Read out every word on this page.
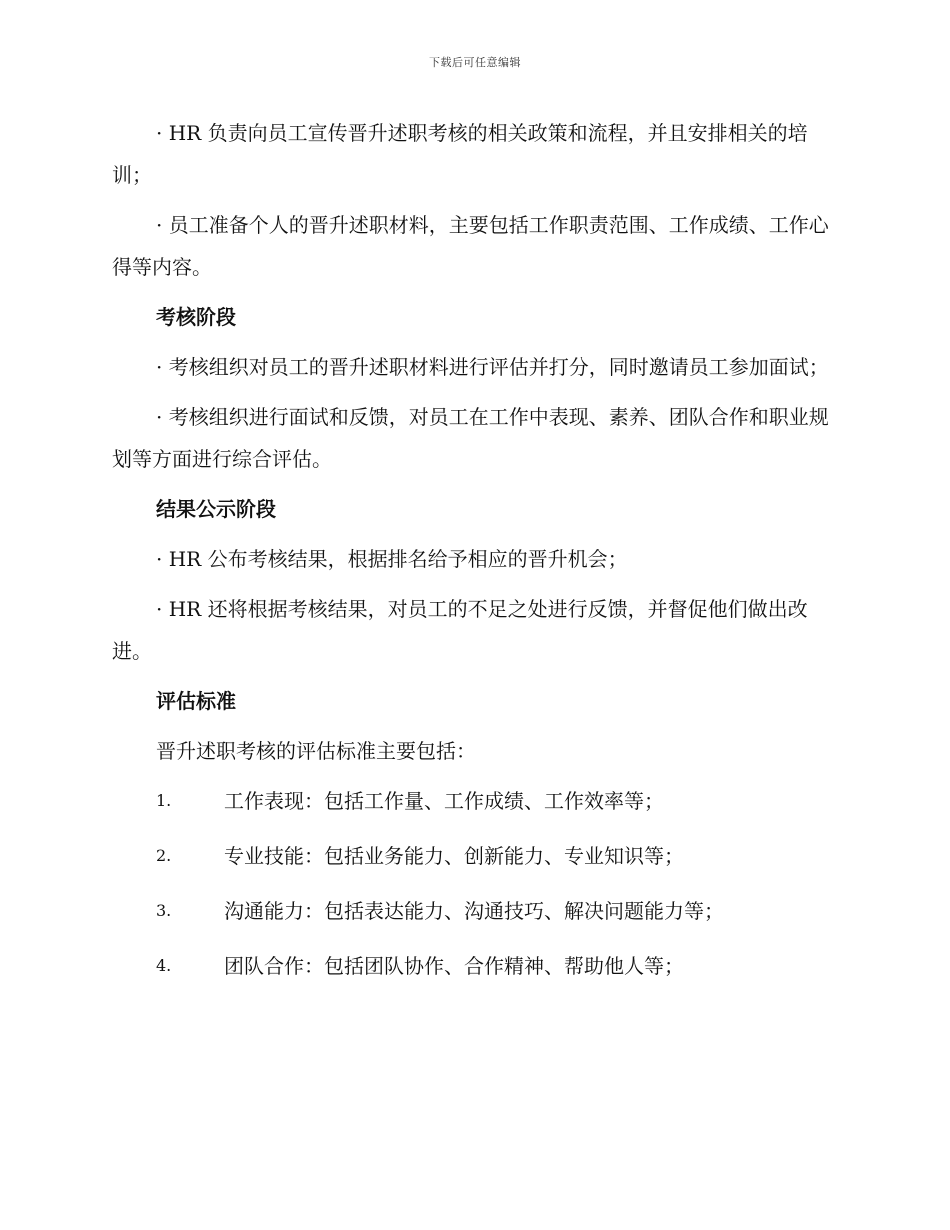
下载后可任意编辑

· HR 负责向员工宣传晋升述职考核的相关政策和流程，并且安排相关的培训；

· 员工准备个人的晋升述职材料，主要包括工作职责范围、工作成绩、工作心得等内容。

考核阶段

· 考核组织对员工的晋升述职材料进行评估并打分，同时邀请员工参加面试；

· 考核组织进行面试和反馈，对员工在工作中表现、素养、团队合作和职业规划等方面进行综合评估。

结果公示阶段

· HR 公布考核结果，根据排名给予相应的晋升机会；

· HR 还将根据考核结果，对员工的不足之处进行反馈，并督促他们做出改进。

评估标准

晋升述职考核的评估标准主要包括：

1.	工作表现：包括工作量、工作成绩、工作效率等；
2.	专业技能：包括业务能力、创新能力、专业知识等；
3.	沟通能力：包括表达能力、沟通技巧、解决问题能力等；
4.	团队合作：包括团队协作、合作精神、帮助他人等；
